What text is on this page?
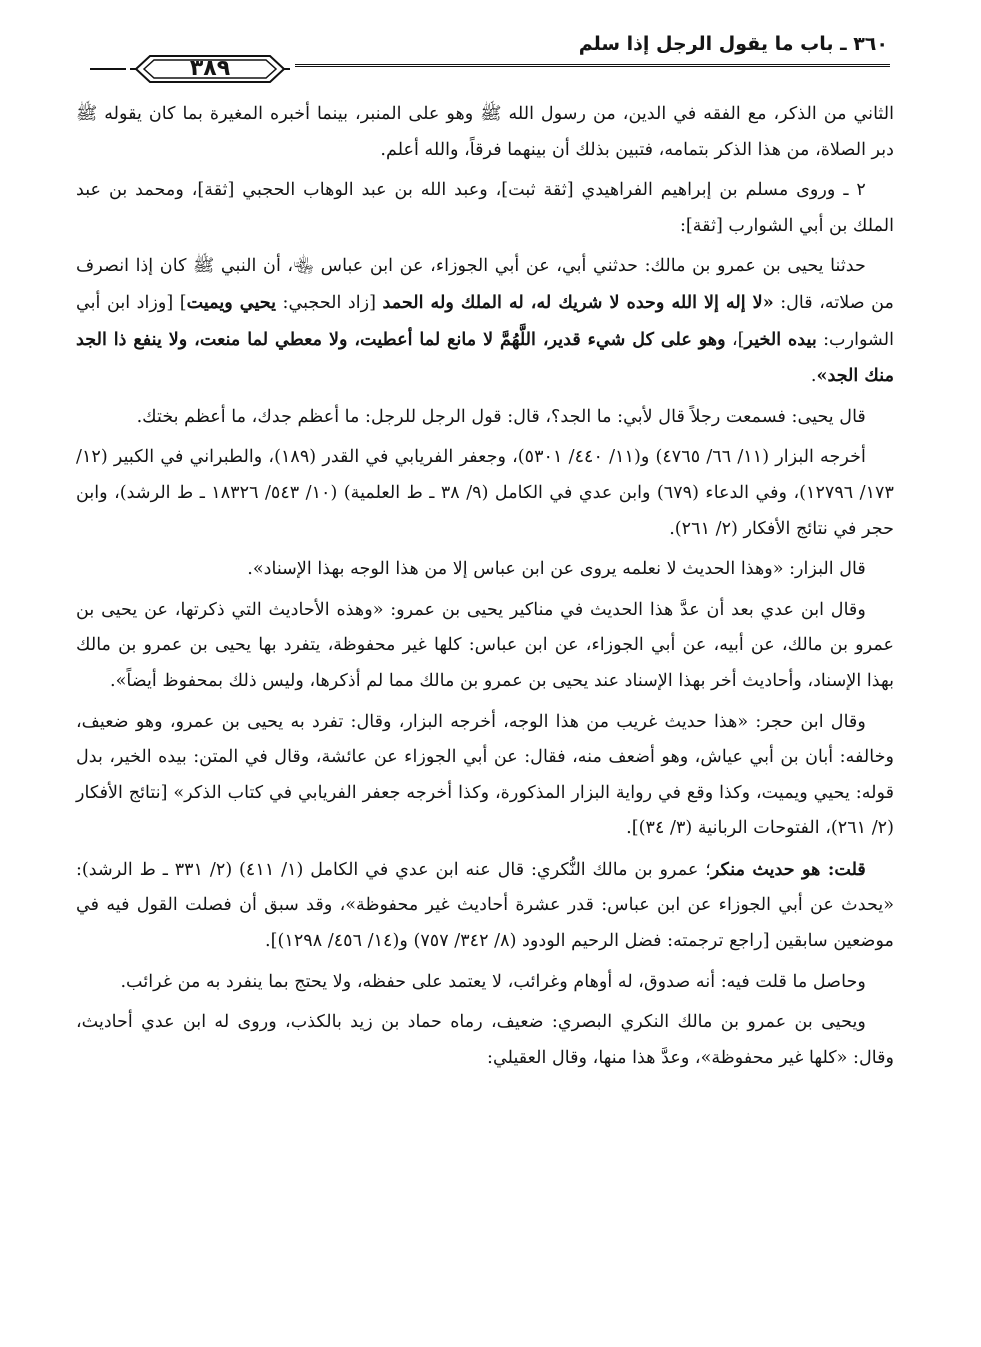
٣٦٠ ـ باب ما يقول الرجل إذا سلم
٣٨٩

الثاني من الذكر، مع الفقه في الدين، من رسول الله ﷺ وهو على المنبر، بينما أخبره المغيرة بما كان يقوله ﷺ دبر الصلاة، من هذا الذكر بتمامه، فتبين بذلك أن بينهما فرقاً، والله أعلم.

٢ ـ وروى مسلم بن إبراهيم الفراهيدي [ثقة ثبت]، وعبد الله بن عبد الوهاب الحجبي [ثقة]، ومحمد بن عبد الملك بن أبي الشوارب [ثقة]:

حدثنا يحيى بن عمرو بن مالك: حدثني أبي، عن أبي الجوزاء، عن ابن عباس ﵄، أن النبي ﷺ كان إذا انصرف من صلاته، قال: «لا إله إلا الله وحده لا شريك له، له الملك وله الحمد [زاد الحجبي: يحيي ويميت] [وزاد ابن أبي الشوارب: بيده الخير]، وهو على كل شيء قدير، اللَّهُمَّ لا مانع لما أعطيت، ولا معطي لما منعت، ولا ينفع ذا الجد منك الجد».

قال يحيى: فسمعت رجلاً قال لأبي: ما الجد؟، قال: قول الرجل للرجل: ما أعظم جدك، ما أعظم بختك.

أخرجه البزار (١١/ ٦٦/ ٤٧٦٥) و(١١/ ٤٤٠/ ٥٣٠١)، وجعفر الفريابي في القدر (١٨٩)، والطبراني في الكبير (١٢/ ١٧٣/ ١٢٧٩٦)، وفي الدعاء (٦٧٩) وابن عدي في الكامل (٩/ ٣٨ ـ ط العلمية) (١٠/ ٥٤٣/ ١٨٣٢٦ ـ ط الرشد)، وابن حجر في نتائج الأفكار (٢/ ٢٦١).

قال البزار: «وهذا الحديث لا نعلمه يروى عن ابن عباس إلا من هذا الوجه بهذا الإسناد».

وقال ابن عدي بعد أن عدَّ هذا الحديث في مناكير يحيى بن عمرو: «وهذه الأحاديث التي ذكرتها، عن يحيى بن عمرو بن مالك، عن أبيه، عن أبي الجوزاء، عن ابن عباس: كلها غير محفوظة، يتفرد بها يحيى بن عمرو بن مالك بهذا الإسناد، وأحاديث أخر بهذا الإسناد عند يحيى بن عمرو بن مالك مما لم أذكرها، وليس ذلك بمحفوظ أيضاً».

وقال ابن حجر: «هذا حديث غريب من هذا الوجه، أخرجه البزار، وقال: تفرد به يحيى بن عمرو، وهو ضعيف، وخالفه: أبان بن أبي عياش، وهو أضعف منه، فقال: عن أبي الجوزاء عن عائشة، وقال في المتن: بيده الخير، بدل قوله: يحيي ويميت، وكذا وقع في رواية البزار المذكورة، وكذا أخرجه جعفر الفريابي في كتاب الذكر» [نتائج الأفكار (٢/ ٢٦١)، الفتوحات الربانية (٣/ ٣٤)].

قلت: هو حديث منكر؛ عمرو بن مالك النُّكري: قال عنه ابن عدي في الكامل (١/ ٤١١) (٢/ ٣٣١ ـ ط الرشد): «يحدث عن أبي الجوزاء عن ابن عباس: قدر عشرة أحاديث غير محفوظة»، وقد سبق أن فصلت القول فيه في موضعين سابقين [راجع ترجمته: فضل الرحيم الودود (٨/ ٣٤٢/ ٧٥٧) و(١٤/ ٤٥٦/ ١٢٩٨)].

وحاصل ما قلت فيه: أنه صدوق، له أوهام وغرائب، لا يعتمد على حفظه، ولا يحتج بما ينفرد به من غرائب.

ويحيى بن عمرو بن مالك النكري البصري: ضعيف، رماه حماد بن زيد بالكذب، وروى له ابن عدي أحاديث، وقال: «كلها غير محفوظة»، وعدَّ هذا منها، وقال العقيلي:
